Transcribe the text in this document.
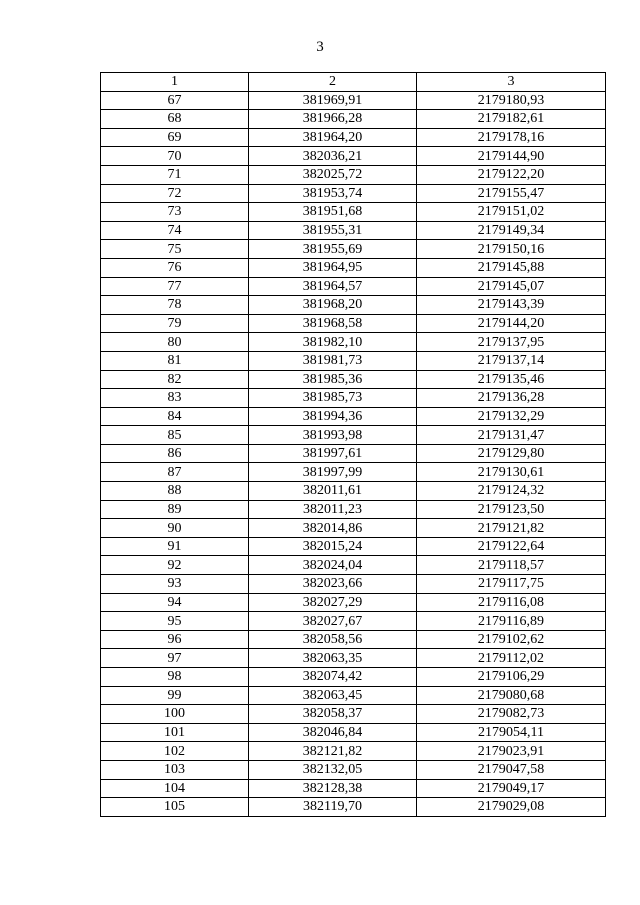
3
1	2	3
67	381969,91	2179180,93
68	381966,28	2179182,61
69	381964,20	2179178,16
70	382036,21	2179144,90
71	382025,72	2179122,20
72	381953,74	2179155,47
73	381951,68	2179151,02
74	381955,31	2179149,34
75	381955,69	2179150,16
76	381964,95	2179145,88
77	381964,57	2179145,07
78	381968,20	2179143,39
79	381968,58	2179144,20
80	381982,10	2179137,95
81	381981,73	2179137,14
82	381985,36	2179135,46
83	381985,73	2179136,28
84	381994,36	2179132,29
85	381993,98	2179131,47
86	381997,61	2179129,80
87	381997,99	2179130,61
88	382011,61	2179124,32
89	382011,23	2179123,50
90	382014,86	2179121,82
91	382015,24	2179122,64
92	382024,04	2179118,57
93	382023,66	2179117,75
94	382027,29	2179116,08
95	382027,67	2179116,89
96	382058,56	2179102,62
97	382063,35	2179112,02
98	382074,42	2179106,29
99	382063,45	2179080,68
100	382058,37	2179082,73
101	382046,84	2179054,11
102	382121,82	2179023,91
103	382132,05	2179047,58
104	382128,38	2179049,17
105	382119,70	2179029,08
